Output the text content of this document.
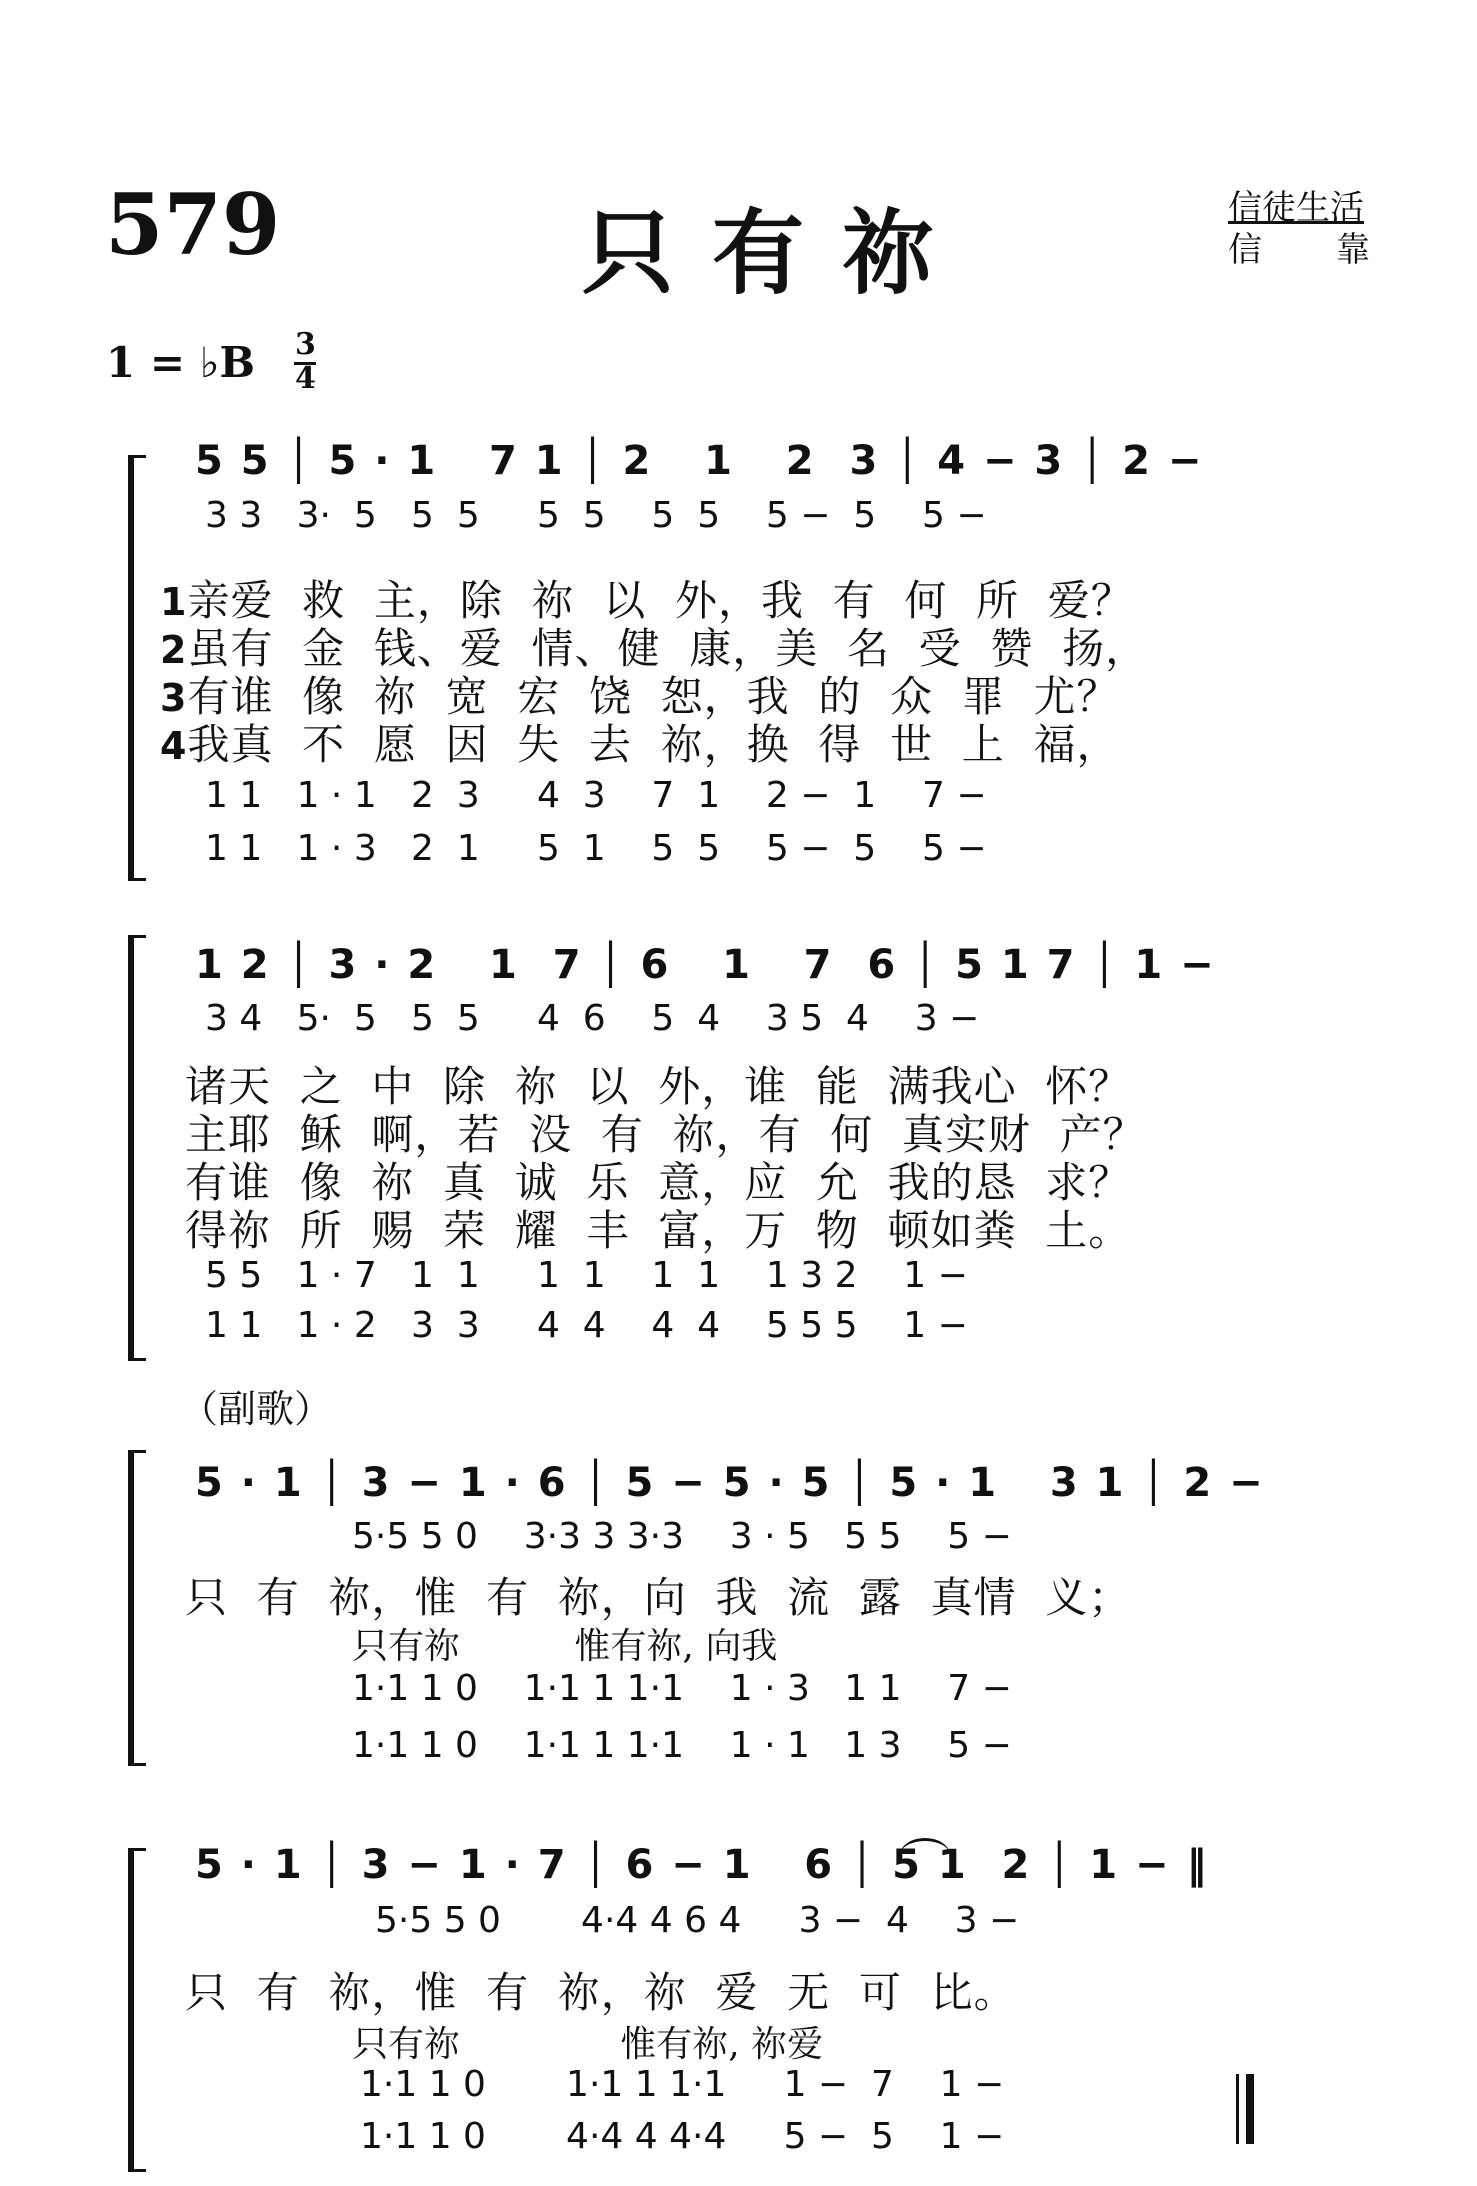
579	只有祢	信徒生活
信靠
1 = ♭B 3
4
5 5 │ 5 · 1   7 1 │ 2   1   2  3 │ 4 − 3 │ 2 −
3 3   3·  5   5  5     5  5    5  5    5 −  5    5 −
1亲爱  救  主，除  祢  以  外，我  有  何  所  爱？
2虽有  金  钱、爱  情、健  康，美  名  受  赞  扬，
3有谁  像  祢  宽  宏  饶  恕，我  的  众  罪  尤？
4我真  不  愿  因  失  去  祢，换  得  世  上  福，
1 1   1 · 1   2  3     4  3    7  1    2 −  1    7 −
1 1   1 · 3   2  1     5  1    5  5    5 −  5    5 −
1 2 │ 3 · 2   1  7 │ 6   1   7  6 │ 5 1 7 │ 1 −
3 4   5·  5   5  5     4  6    5  4    3 5  4    3 −
诸天  之  中  除  祢  以  外，谁  能  满我心  怀？
主耶  稣  啊，若  没  有  祢，有  何  真实财  产？
有谁  像  祢  真  诚  乐  意，应  允  我的恳  求？
得祢  所  赐  荣  耀  丰  富，万  物  顿如粪  土。
5 5   1 · 7   1  1     1  1    1  1    1 3 2    1 −
1 1   1 · 2   3  3     4  4    4  4    5 5 5    1 −
（副歌）
5 · 1 │ 3 − 1 · 6 │ 5 − 5 · 5 │ 5 · 1   3 1 │ 2 −
5·5 5 0    3·3 3 3·3    3 · 5   5 5    5 −
只  有  祢，惟  有  祢，向  我  流  露  真情  义；
只有祢          惟有祢, 向我
1·1 1 0    1·1 1 1·1    1 · 3   1 1    7 −
1·1 1 0    1·1 1 1·1    1 · 1   1 3    5 −
5 · 1 │ 3 − 1 · 7 │ 6 − 1   6 │ 5 1  2 │ 1 − ‖
5·5 5 0       4·4 4 6 4     3 −  4    3 −
只  有  祢，惟  有  祢，祢  爱  无  可  比。
只有祢              惟有祢, 祢爱
1·1 1 0       1·1 1 1·1     1 −  7    1 −
1·1 1 0       4·4 4 4·4     5 −  5    1 −
